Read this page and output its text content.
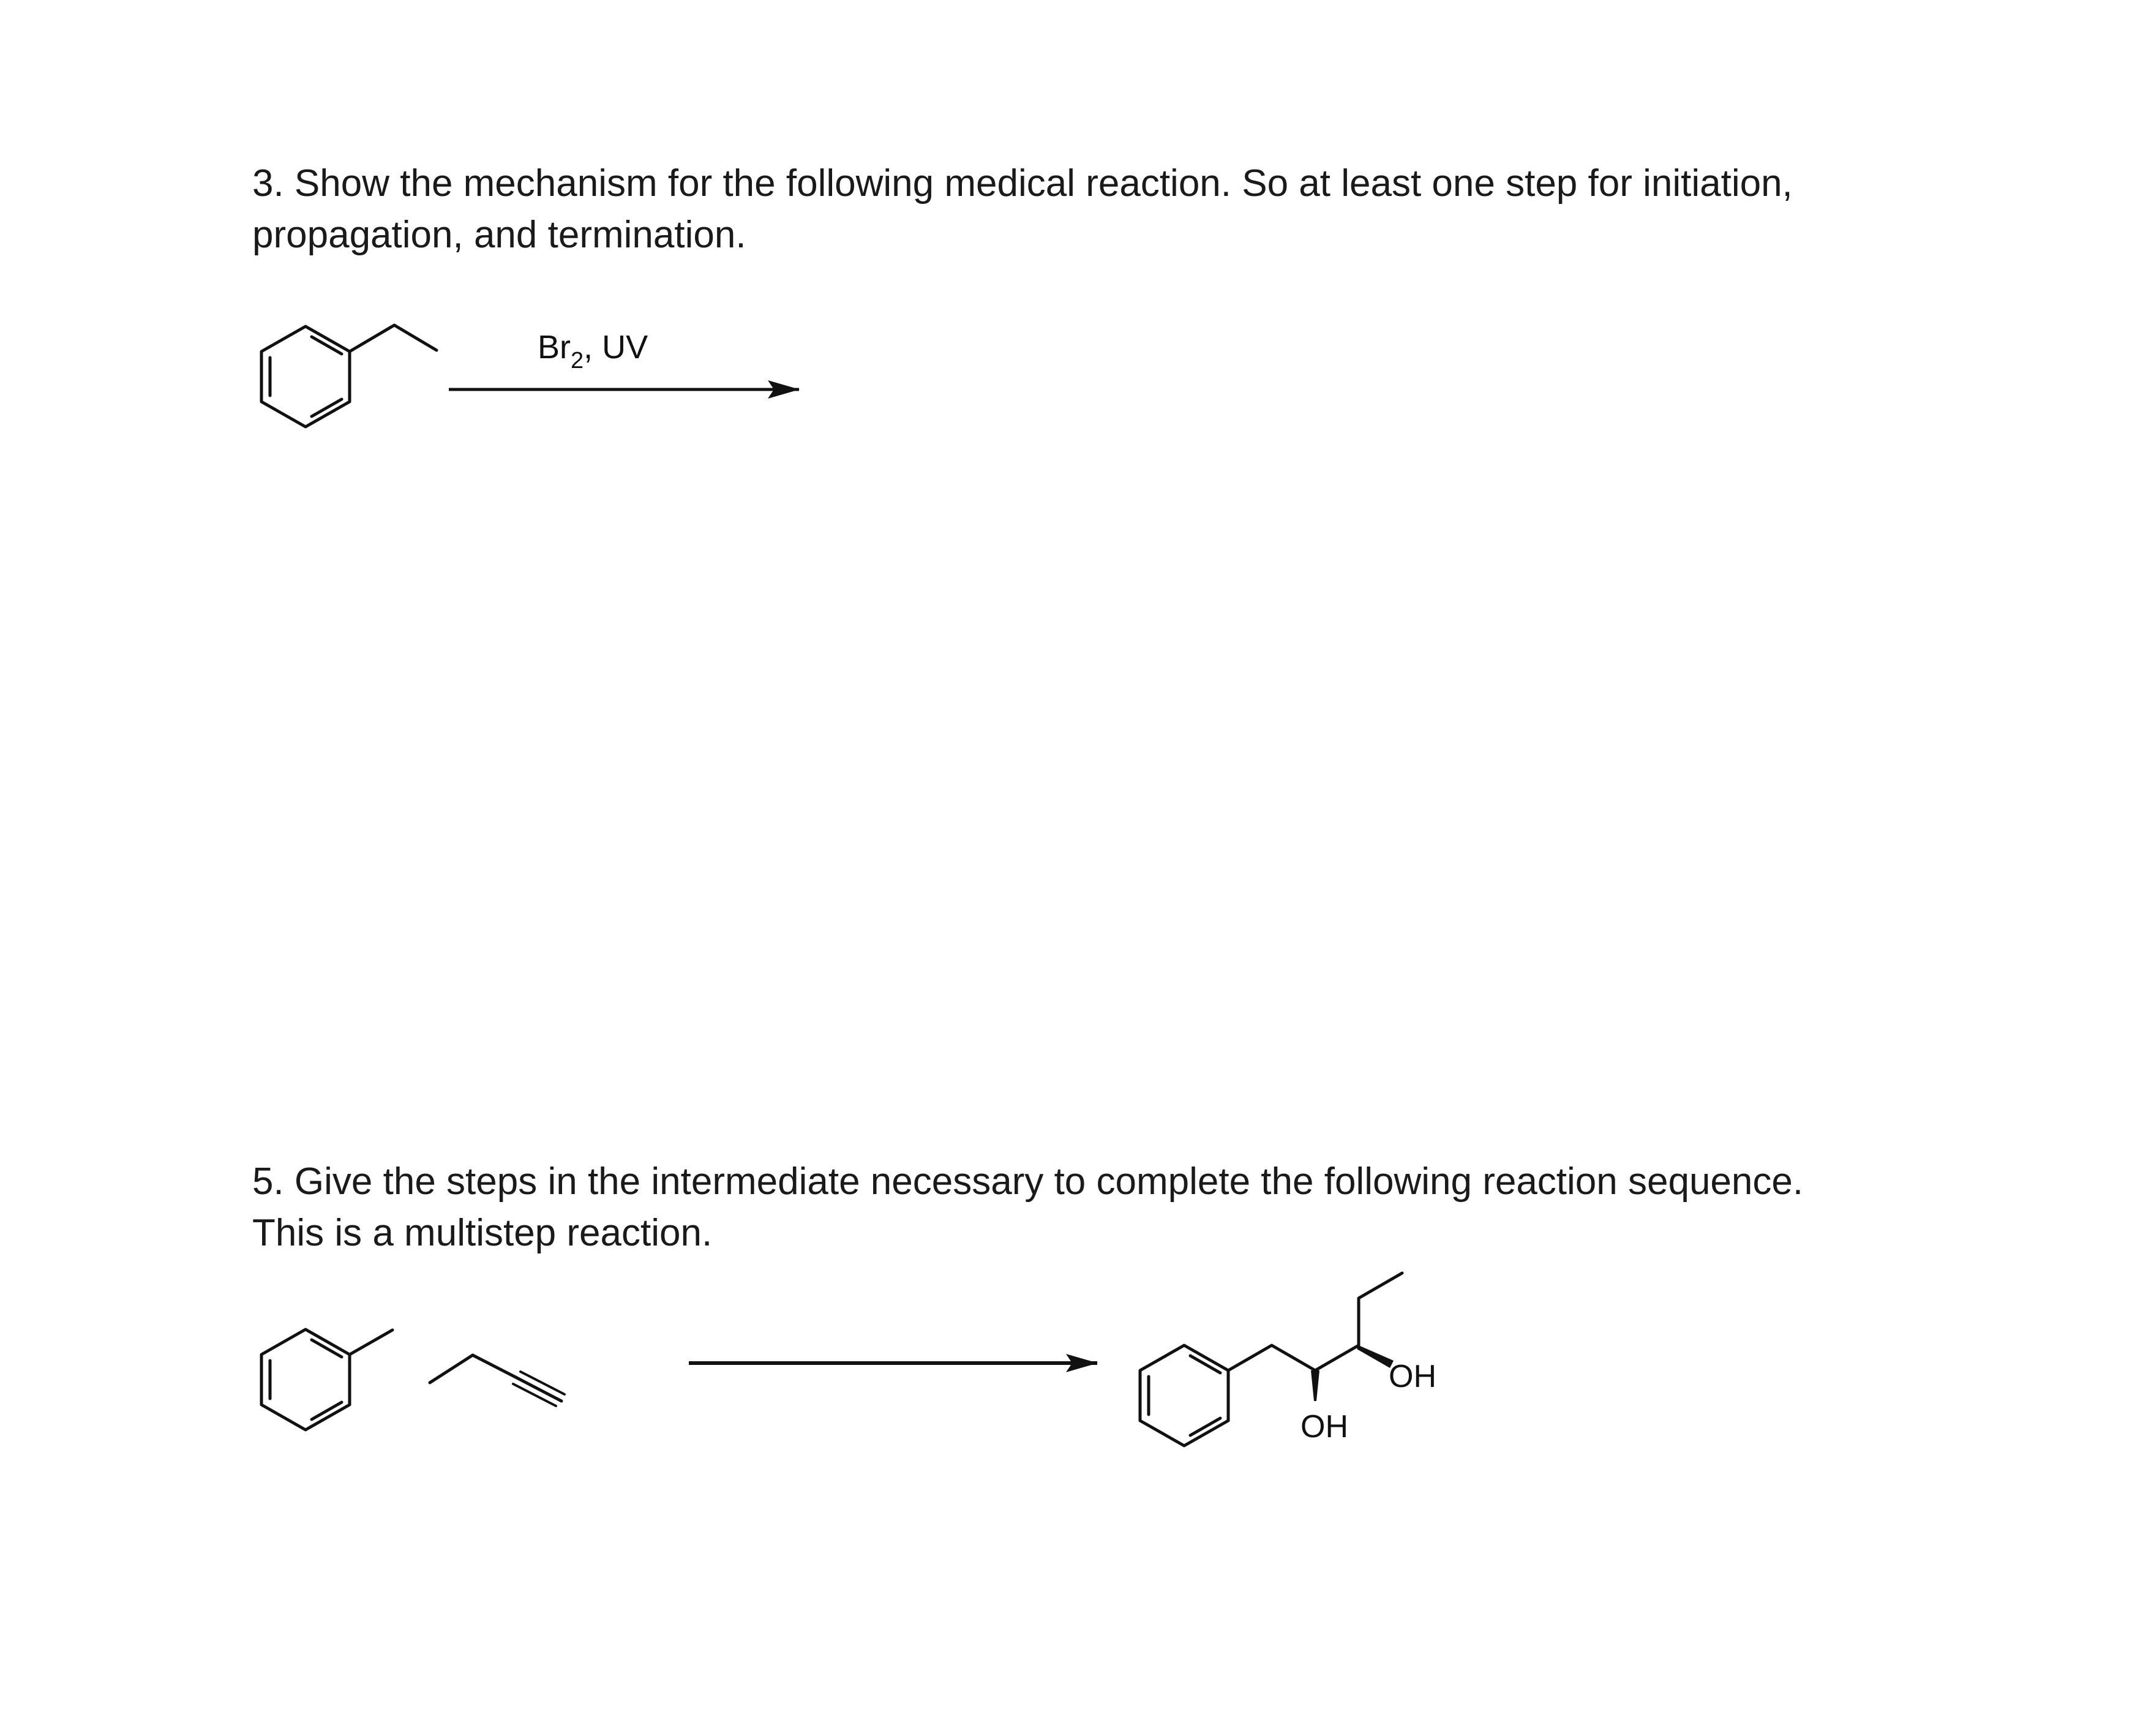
3. Show the mechanism for the following medical reaction. So at least one step for initiation,
propagation, and termination.
5. Give the steps in the intermediate necessary to complete the following reaction sequence.
This is a multistep reaction.
$Br_2$, UV
OH
OH
